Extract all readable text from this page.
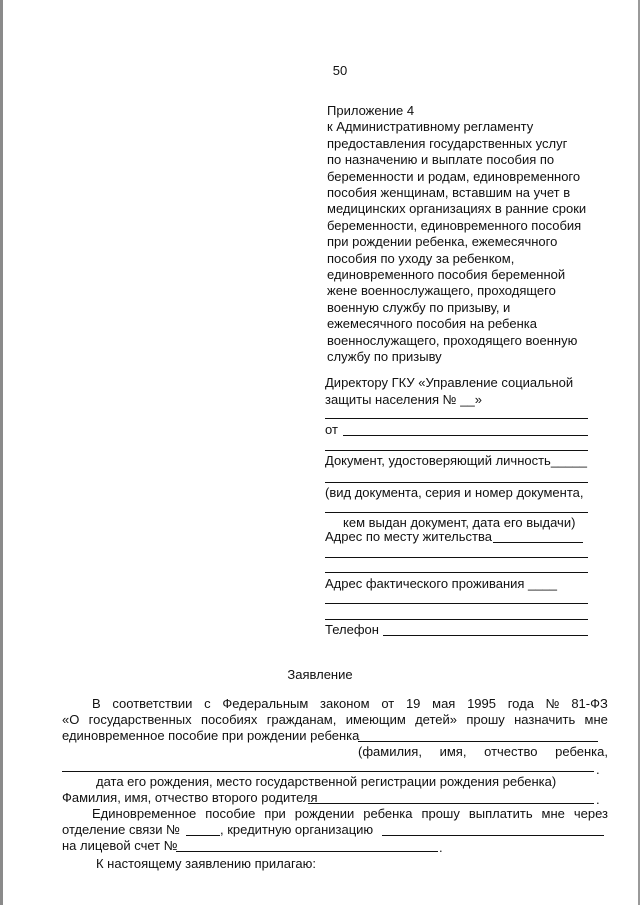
50
Приложение 4
к Административному регламенту
предоставления государственных услуг
по назначению и выплате пособия по
беременности и родам, единовременного
пособия женщинам, вставшим на учет в
медицинских организациях в ранние сроки
беременности, единовременного пособия
при рождении ребенка, ежемесячного
пособия по уходу за ребенком,
единовременного пособия беременной
жене военнослужащего, проходящего
военную службу по призыву, и
ежемесячного пособия на ребенка
военнослужащего, проходящего военную
службу по призыву
Директору ГКУ «Управление социальной
защиты населения № __»
от
Документ, удостоверяющий личность_____
(вид документа, серия и номер документа,
кем выдан документ, дата его выдачи)
Адрес по месту жительства
Адрес фактического проживания ____
Телефон
Заявление
В соответствии с Федеральным законом от 19 мая 1995 года № 81-ФЗ
«О государственных пособиях гражданам, имеющим детей» прошу назначить мне
единовременное пособие при рождении ребенка
(фамилия, имя, отчество ребенка,
.
дата его рождения, место государственной регистрации рождения ребенка)
Фамилия, имя, отчество второго родителя	.
Единовременное пособие при рождении ребенка прошу выплатить мне через
отделение связи №	, кредитную организацию
на лицевой счет №	.
К настоящему заявлению прилагаю:
